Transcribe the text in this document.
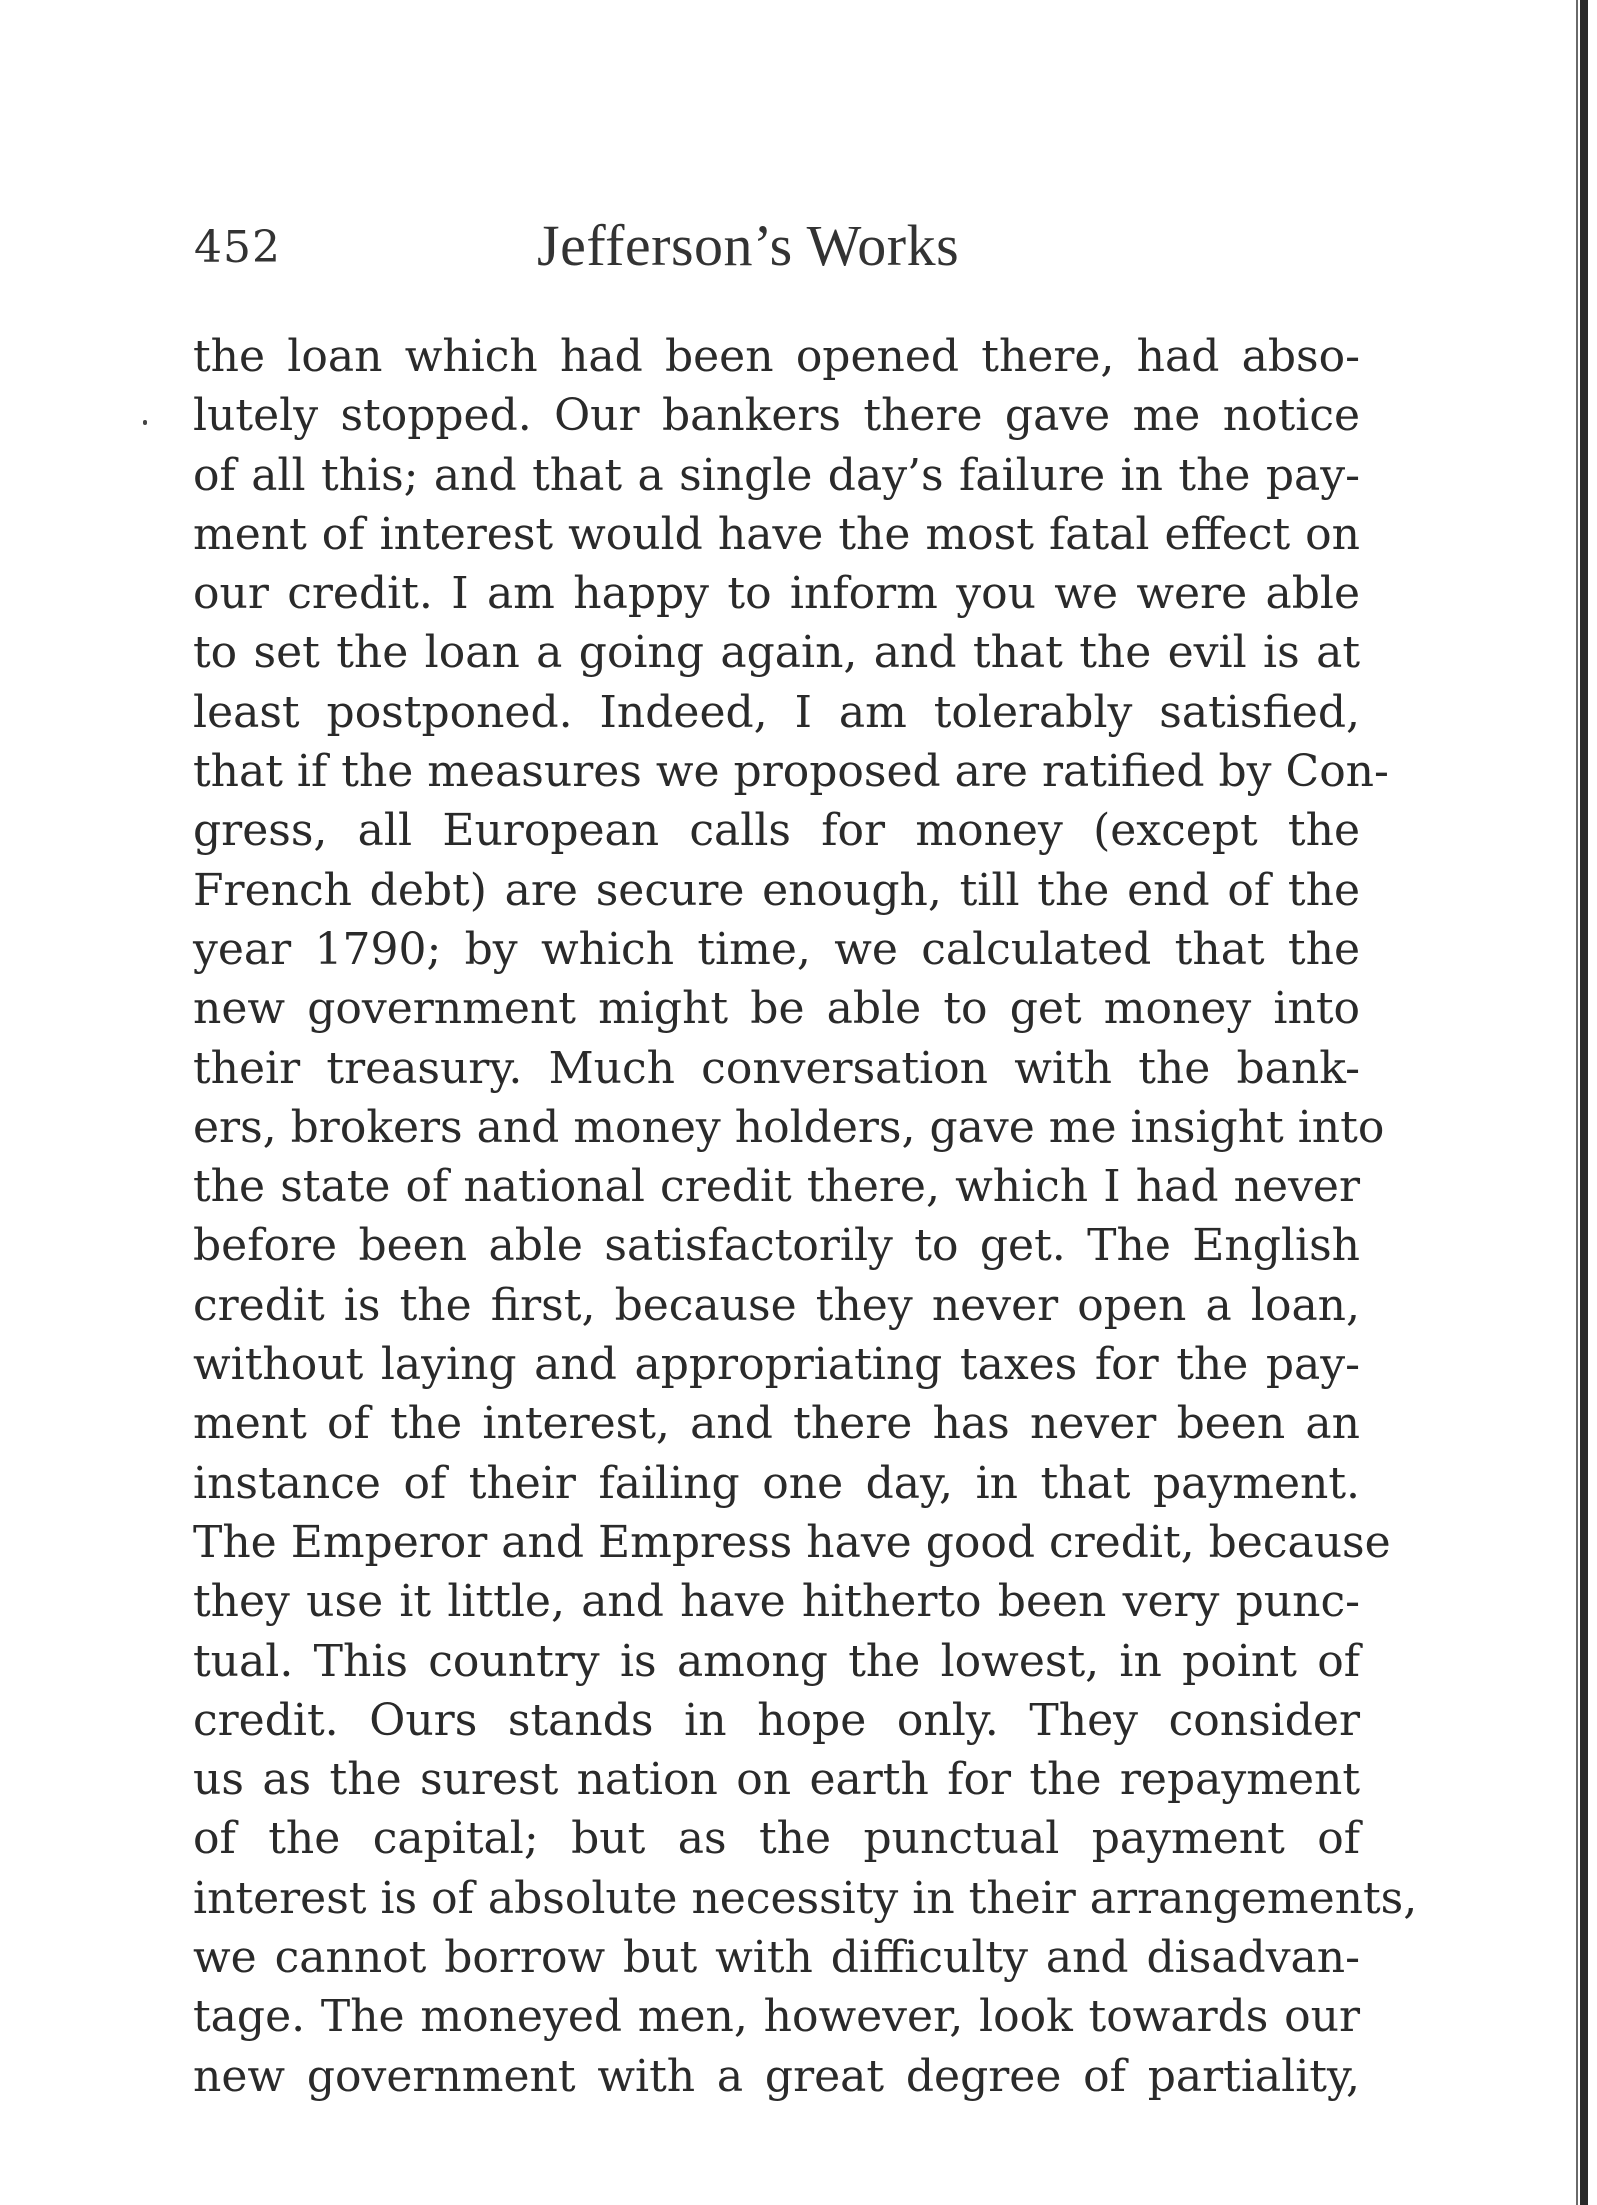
452	Jefferson’s Works
the loan which had been opened there, had abso-
lutely stopped. Our bankers there gave me notice
of all this; and that a single day’s failure in the pay-
ment of interest would have the most fatal effect on
our credit. I am happy to inform you we were able
to set the loan a going again, and that the evil is at
least postponed. Indeed, I am tolerably satisfied,
that if the measures we proposed are ratified by Con-
gress, all European calls for money (except the
French debt) are secure enough, till the end of the
year 1790; by which time, we calculated that the
new government might be able to get money into
their treasury. Much conversation with the bank-
ers, brokers and money holders, gave me insight into
the state of national credit there, which I had never
before been able satisfactorily to get. The English
credit is the first, because they never open a loan,
without laying and appropriating taxes for the pay-
ment of the interest, and there has never been an
instance of their failing one day, in that payment.
The Emperor and Empress have good credit, because
they use it little, and have hitherto been very punc-
tual. This country is among the lowest, in point of
credit. Ours stands in hope only. They consider
us as the surest nation on earth for the repayment
of the capital; but as the punctual payment of
interest is of absolute necessity in their arrangements,
we cannot borrow but with difficulty and disadvan-
tage. The moneyed men, however, look towards our
new government with a great degree of partiality,
